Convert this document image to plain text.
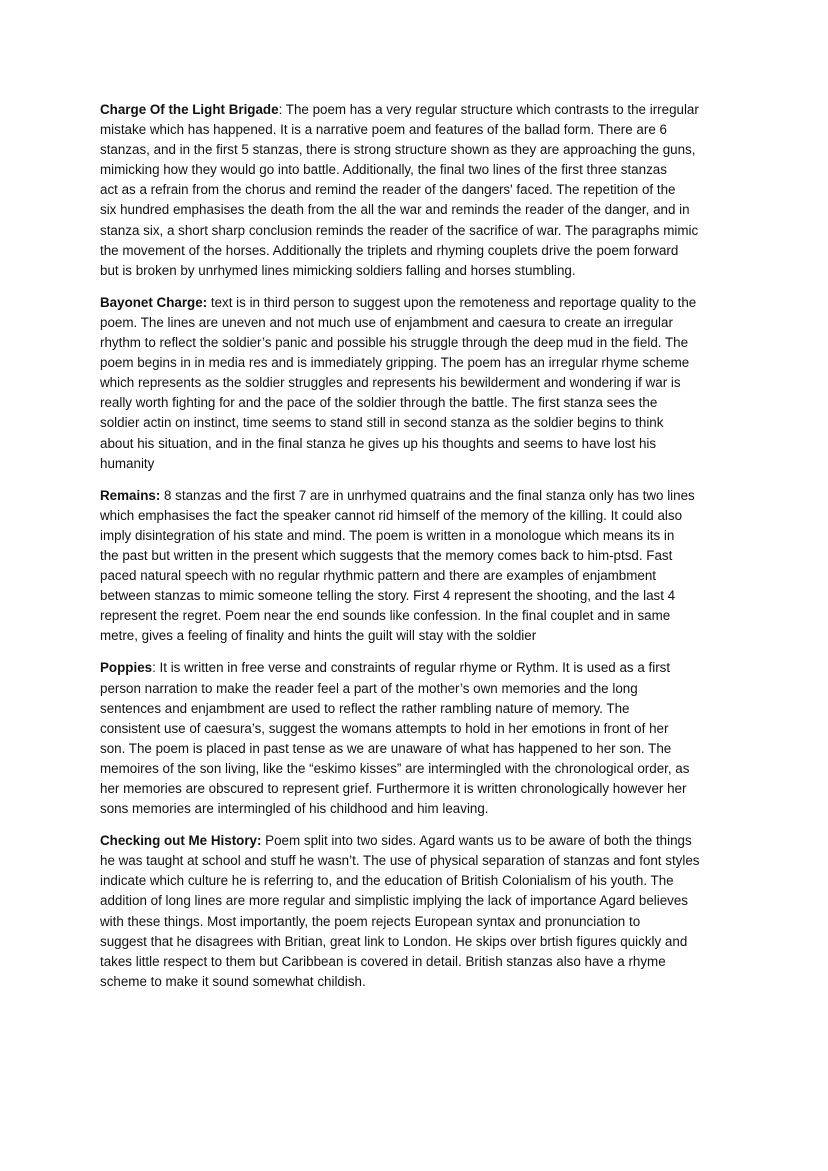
Charge Of the Light Brigade: The poem has a very regular structure which contrasts to the irregular
mistake which has happened. It is a narrative poem and features of the ballad form. There are 6
stanzas, and in the first 5 stanzas, there is strong structure shown as they are approaching the guns,
mimicking how they would go into battle. Additionally, the final two lines of the first three stanzas
act as a refrain from the chorus and remind the reader of the dangers' faced. The repetition of the
six hundred emphasises the death from the all the war and reminds the reader of the danger, and in
stanza six, a short sharp conclusion reminds the reader of the sacrifice of war. The paragraphs mimic
the movement of the horses. Additionally the triplets and rhyming couplets drive the poem forward
but is broken by unrhymed lines mimicking soldiers falling and horses stumbling.

Bayonet Charge: text is in third person to suggest upon the remoteness and reportage quality to the
poem. The lines are uneven and not much use of enjambment and caesura to create an irregular
rhythm to reflect the soldier’s panic and possible his struggle through the deep mud in the field. The
poem begins in in media res and is immediately gripping. The poem has an irregular rhyme scheme
which represents as the soldier struggles and represents his bewilderment and wondering if war is
really worth fighting for and the pace of the soldier through the battle. The first stanza sees the
soldier actin on instinct, time seems to stand still in second stanza as the soldier begins to think
about his situation, and in the final stanza he gives up his thoughts and seems to have lost his
humanity

Remains: 8 stanzas and the first 7 are in unrhymed quatrains and the final stanza only has two lines
which emphasises the fact the speaker cannot rid himself of the memory of the killing. It could also
imply disintegration of his state and mind. The poem is written in a monologue which means its in
the past but written in the present which suggests that the memory comes back to him-ptsd. Fast
paced natural speech with no regular rhythmic pattern and there are examples of enjambment
between stanzas to mimic someone telling the story. First 4 represent the shooting, and the last 4
represent the regret. Poem near the end sounds like confession. In the final couplet and in same
metre, gives a feeling of finality and hints the guilt will stay with the soldier

Poppies: It is written in free verse and constraints of regular rhyme or Rythm. It is used as a first
person narration to make the reader feel a part of the mother’s own memories and the long
sentences and enjambment are used to reflect the rather rambling nature of memory. The
consistent use of caesura’s, suggest the womans attempts to hold in her emotions in front of her
son. The poem is placed in past tense as we are unaware of what has happened to her son. The
memoires of the son living, like the “eskimo kisses” are intermingled with the chronological order, as
her memories are obscured to represent grief. Furthermore it is written chronologically however her
sons memories are intermingled of his childhood and him leaving.

Checking out Me History: Poem split into two sides. Agard wants us to be aware of both the things
he was taught at school and stuff he wasn’t. The use of physical separation of stanzas and font styles
indicate which culture he is referring to, and the education of British Colonialism of his youth. The
addition of long lines are more regular and simplistic implying the lack of importance Agard believes
with these things. Most importantly, the poem rejects European syntax and pronunciation to
suggest that he disagrees with Britian, great link to London. He skips over brtish figures quickly and
takes little respect to them but Caribbean is covered in detail. British stanzas also have a rhyme
scheme to make it sound somewhat childish.
